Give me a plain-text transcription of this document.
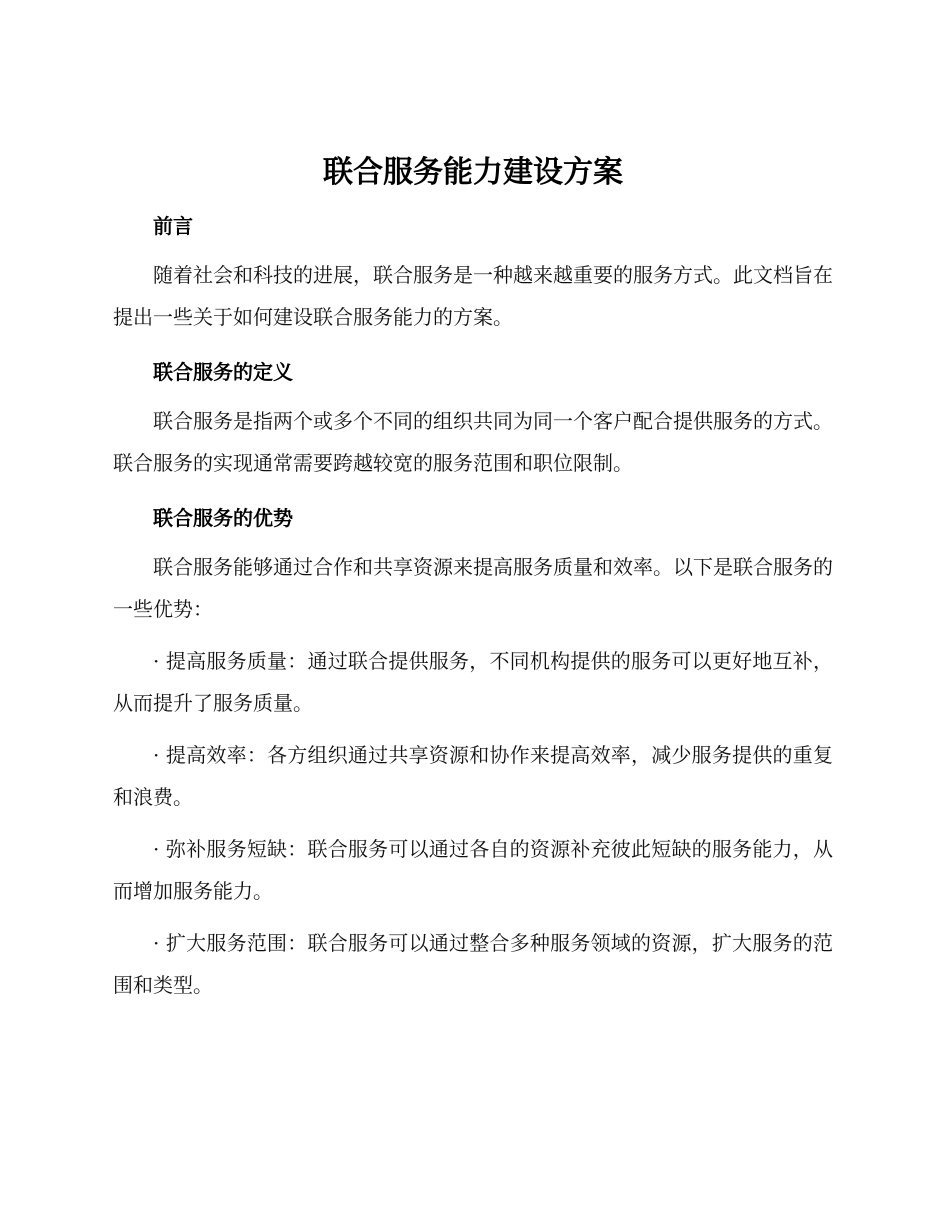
联合服务能力建设方案
前言

随着社会和科技的进展，联合服务是一种越来越重要的服务方式。此文档旨在提出一些关于如何建设联合服务能力的方案。

联合服务的定义

联合服务是指两个或多个不同的组织共同为同一个客户配合提供服务的方式。联合服务的实现通常需要跨越较宽的服务范围和职位限制。

联合服务的优势

联合服务能够通过合作和共享资源来提高服务质量和效率。以下是联合服务的一些优势：

· 提高服务质量：通过联合提供服务，不同机构提供的服务可以更好地互补，从而提升了服务质量。

· 提高效率：各方组织通过共享资源和协作来提高效率，减少服务提供的重复和浪费。

· 弥补服务短缺：联合服务可以通过各自的资源补充彼此短缺的服务能力，从而增加服务能力。

· 扩大服务范围：联合服务可以通过整合多种服务领域的资源，扩大服务的范围和类型。
